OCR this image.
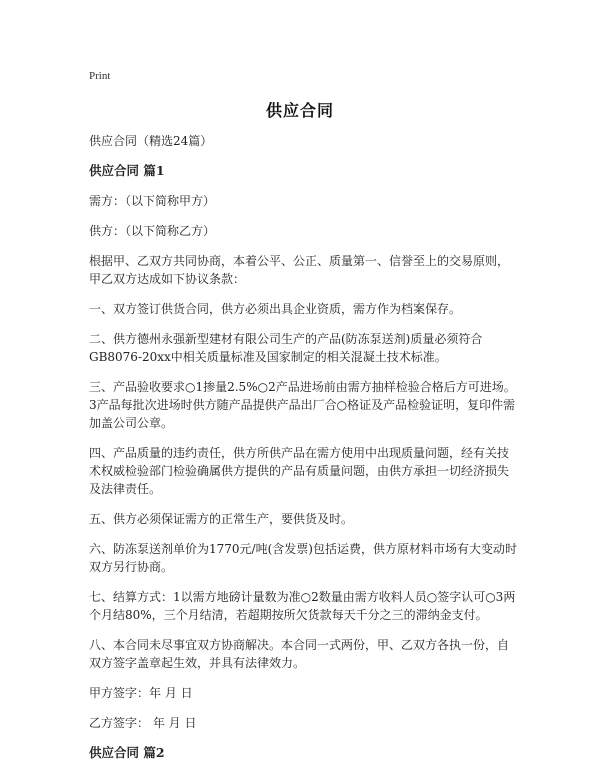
Print
供应合同

供应合同（精选24篇）

供应合同 篇1

需方：（以下简称甲方）

供方：（以下简称乙方）

根据甲、乙双方共同协商，本着公平、公正、质量第一、信誉至上的交易原则，甲乙双方达成如下协议条款：

一、双方签订供货合同，供方必须出具企业资质，需方作为档案保存。

二、供方德州永强新型建材有限公司生产的产品(防冻泵送剂)质量必须符合GB8076-20xx中相关质量标准及国家制定的相关混凝土技术标准。

三、产品验收要求○1掺量2.5%○2产品进场前由需方抽样检验合格后方可进场。3产品每批次进场时供方随产品提供产品出厂合○格证及产品检验证明，复印件需加盖公司公章。

四、产品质量的违约责任，供方所供产品在需方使用中出现质量问题，经有关技术权威检验部门检验确属供方提供的产品有质量问题，由供方承担一切经济损失及法律责任。

五、供方必须保证需方的正常生产，要供货及时。

六、防冻泵送剂单价为1770元/吨(含发票)包括运费，供方原材料市场有大变动时双方另行协商。

七、结算方式：1以需方地磅计量数为准○2数量由需方收料人员○签字认可○3两个月结80%，三个月结清，若超期按所欠货款每天千分之三的滞纳金支付。

八、本合同未尽事宜双方协商解决。本合同一式两份，甲、乙双方各执一份，自双方签字盖章起生效，并具有法律效力。

甲方签字：年 月 日

乙方签字： 年 月 日

供应合同 篇2
